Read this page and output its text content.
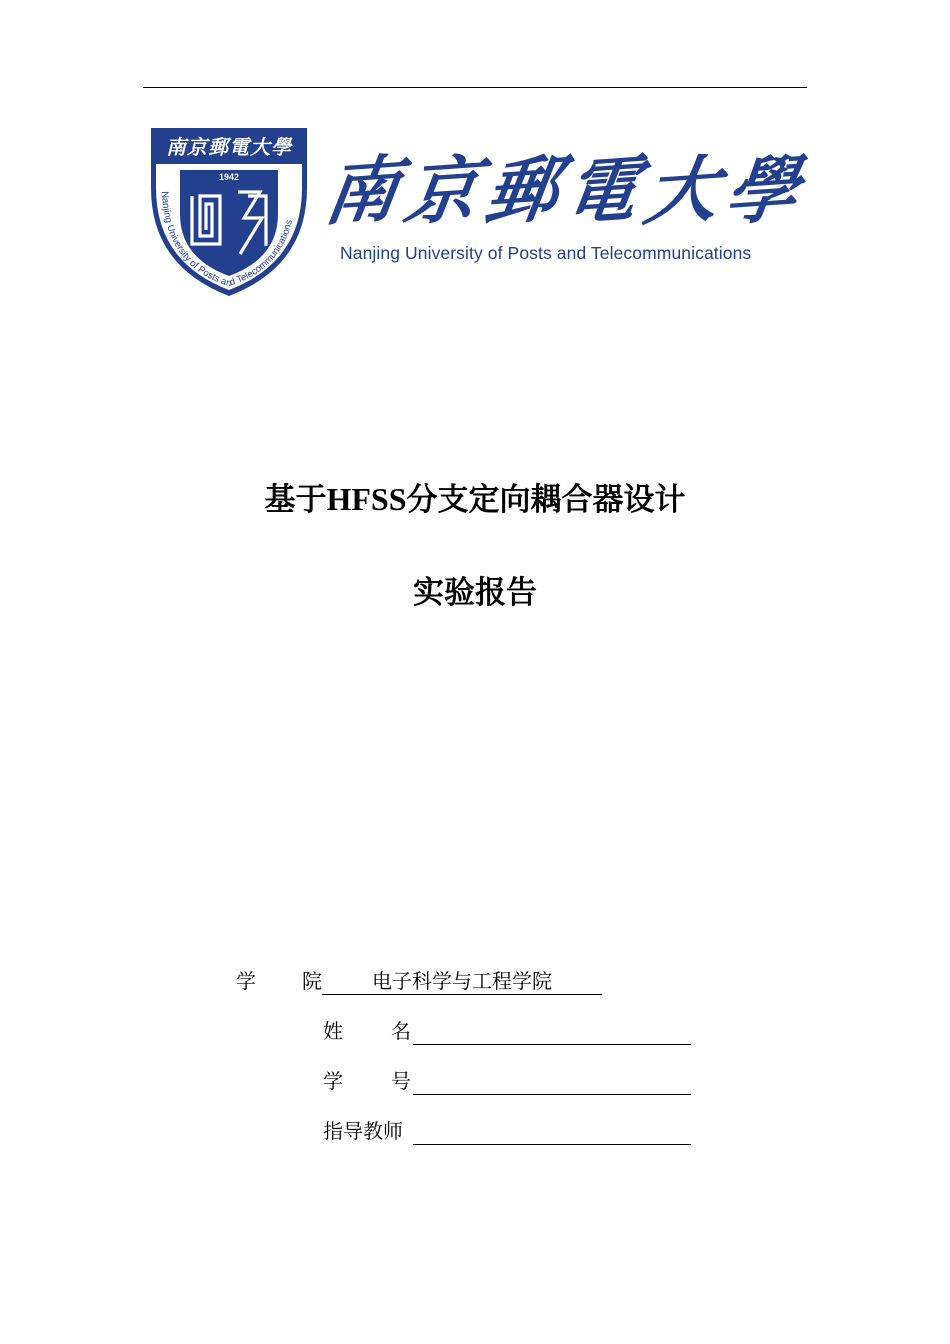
1942
南京郵電大學
Nanjing University of Posts and Telecommunications 南
京
郵
電
大
學
Nanjing University of Posts and Telecommunications
基于HFSS分支定向耦合器设计
实验报告
学 院	电子科学与工程学院
姓 名
学 号
指导教师
